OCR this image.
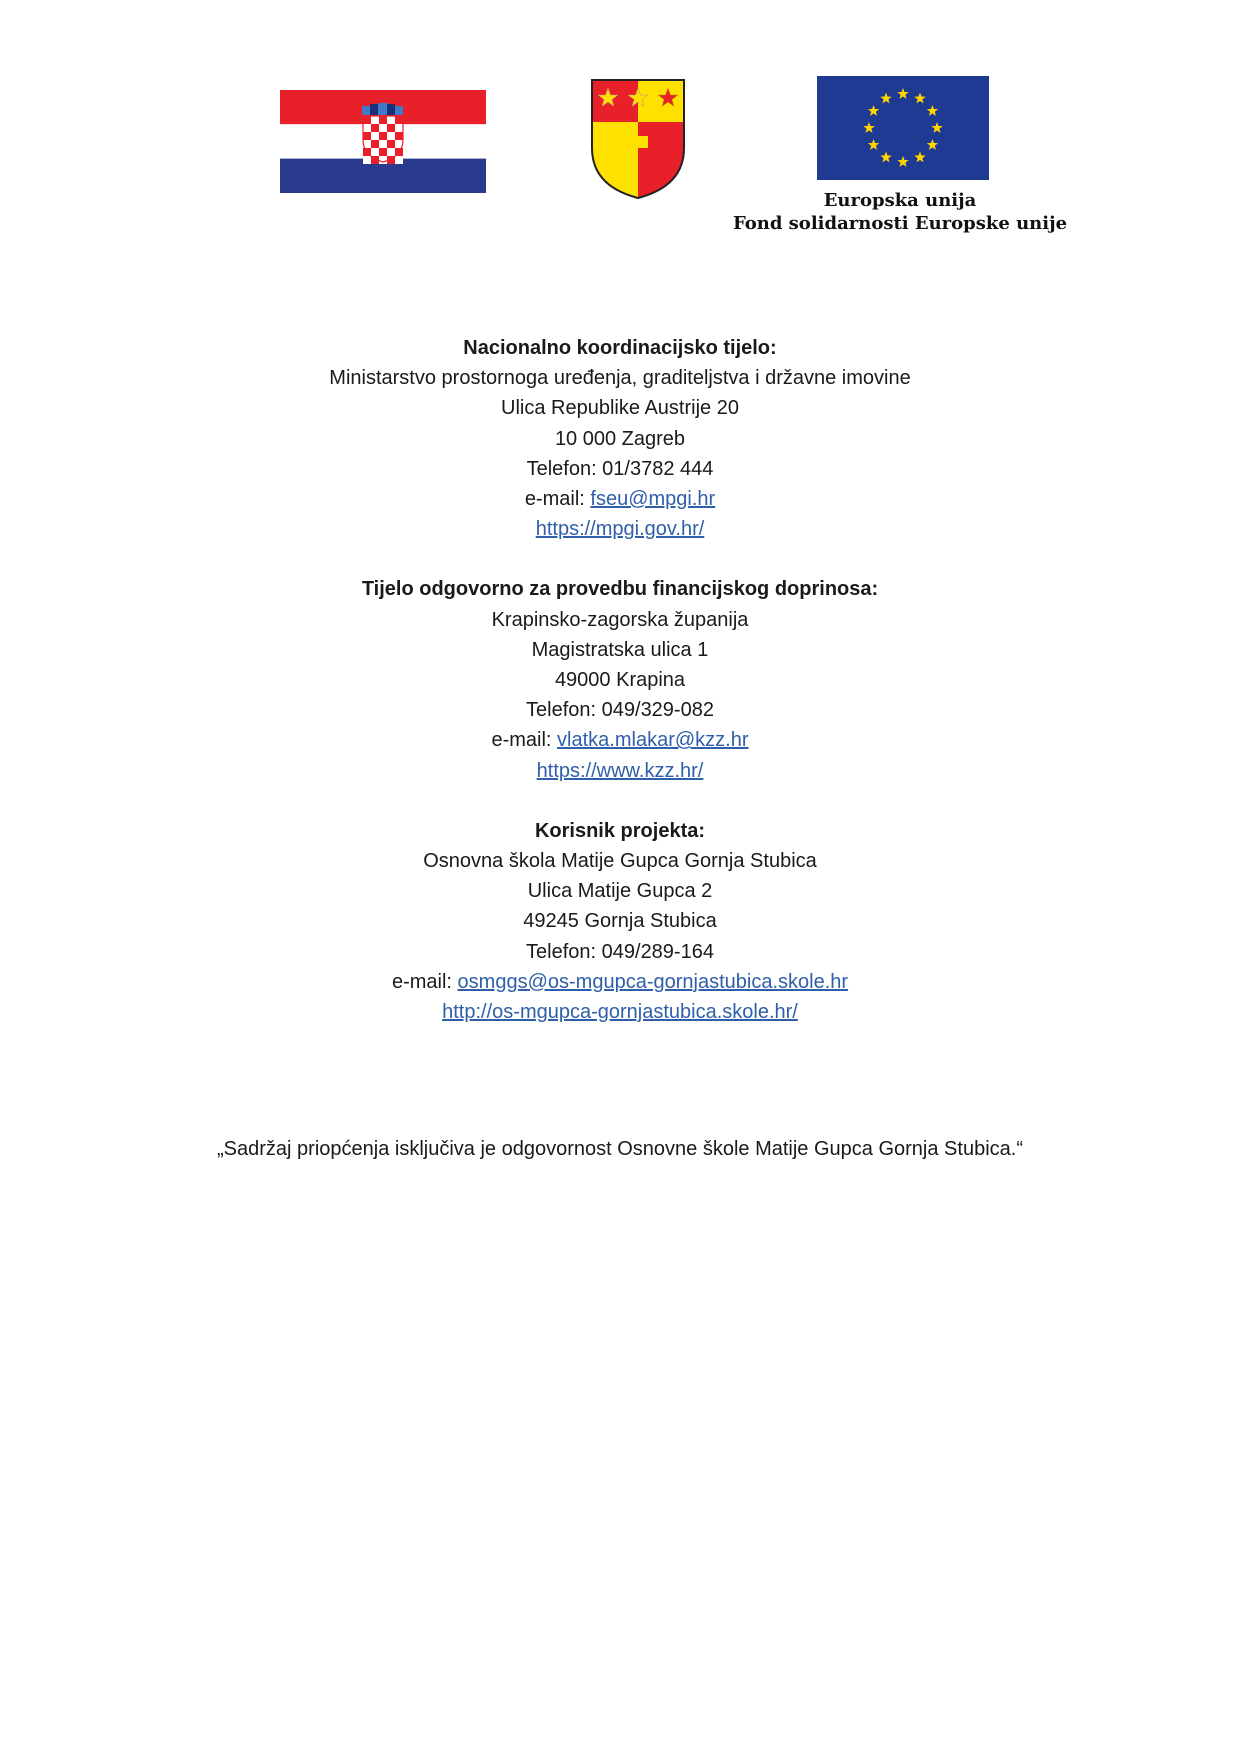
Europska unija
Fond solidarnosti Europske unije
Nacionalno koordinacijsko tijelo:
Ministarstvo prostornoga uređenja, graditeljstva i državne imovine
Ulica Republike Austrije 20
10 000 Zagreb
Telefon: 01/3782 444
e-mail: fseu@mpgi.hr
https://mpgi.gov.hr/
Tijelo odgovorno za provedbu financijskog doprinosa:
Krapinsko-zagorska županija
Magistratska ulica 1
49000 Krapina
Telefon: 049/329-082
e-mail: vlatka.mlakar@kzz.hr
https://www.kzz.hr/
Korisnik projekta:
Osnovna škola Matije Gupca Gornja Stubica
Ulica Matije Gupca 2
49245 Gornja Stubica
Telefon: 049/289-164
e-mail: osmggs@os-mgupca-gornjastubica.skole.hr
http://os-mgupca-gornjastubica.skole.hr/
„Sadržaj priopćenja isključiva je odgovornost Osnovne škole Matije Gupca Gornja Stubica.“
